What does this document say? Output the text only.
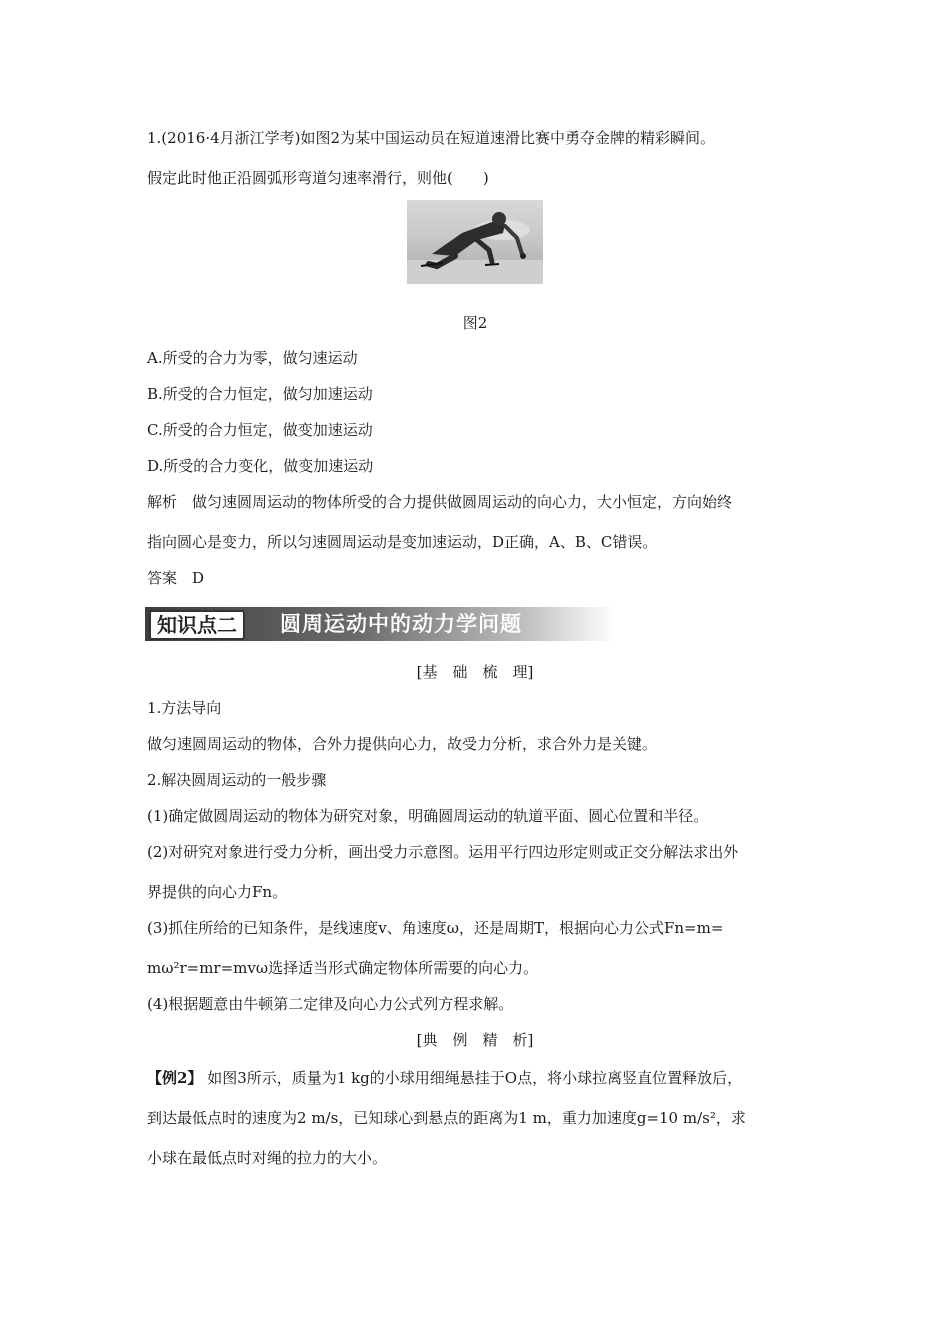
1.(2016·4月浙江学考)如图2为某中国运动员在短道速滑比赛中勇夺金牌的精彩瞬间。
假定此时他正沿圆弧形弯道匀速率滑行，则他(　　)
图2
A.所受的合力为零，做匀速运动
B.所受的合力恒定，做匀加速运动
C.所受的合力恒定，做变加速运动
D.所受的合力变化，做变加速运动
解析　做匀速圆周运动的物体所受的合力提供做圆周运动的向心力，大小恒定，方向始终
指向圆心是变力，所以匀速圆周运动是变加速运动，D正确，A、B、C错误。
答案　D
知识点二	圆周运动中的动力学问题
[基　础　梳　理]
1.方法导向
做匀速圆周运动的物体，合外力提供向心力，故受力分析，求合外力是关键。
2.解决圆周运动的一般步骤
(1)确定做圆周运动的物体为研究对象，明确圆周运动的轨道平面、圆心位置和半径。
(2)对研究对象进行受力分析，画出受力示意图。运用平行四边形定则或正交分解法求出外
界提供的向心力Fn。
(3)抓住所给的已知条件，是线速度v、角速度ω，还是周期T，根据向心力公式Fn=m=
mω²r=mr=mvω选择适当形式确定物体所需要的向心力。
(4)根据题意由牛顿第二定律及向心力公式列方程求解。
[典　例　精　析]
【例2】 如图3所示，质量为1 kg的小球用细绳悬挂于O点，将小球拉离竖直位置释放后，
到达最低点时的速度为2 m/s，已知球心到悬点的距离为1 m，重力加速度g=10 m/s²，求
小球在最低点时对绳的拉力的大小。
